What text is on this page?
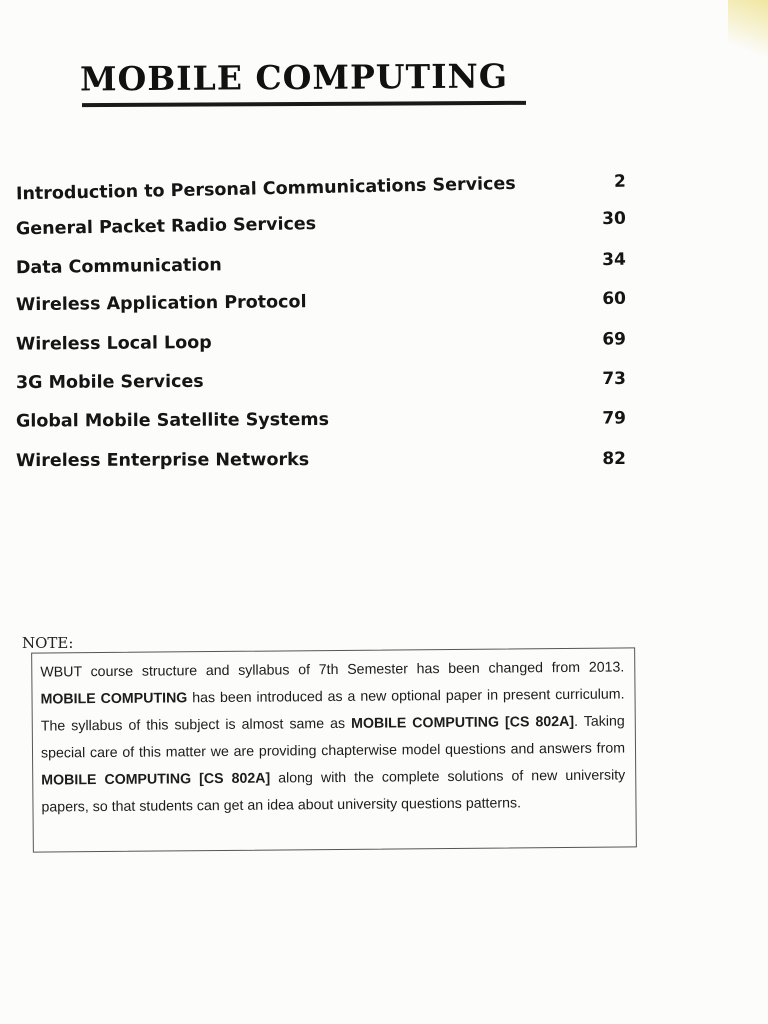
MOBILE COMPUTING
Introduction to Personal Communications Services	2
General Packet Radio Services	30
Data Communication	34
Wireless Application Protocol	60
Wireless Local Loop	69
3G Mobile Services	73
Global Mobile Satellite Systems	79
Wireless Enterprise Networks	82
NOTE:
WBUT course structure and syllabus of 7th Semester has been changed from 2013. MOBILE COMPUTING has been introduced as a new optional paper in present curriculum. The syllabus of this subject is almost same as MOBILE COMPUTING [CS 802A]. Taking special care of this matter we are providing chapterwise model questions and answers from MOBILE COMPUTING [CS 802A] along with the complete solutions of new university papers, so that students can get an idea about university questions patterns.
